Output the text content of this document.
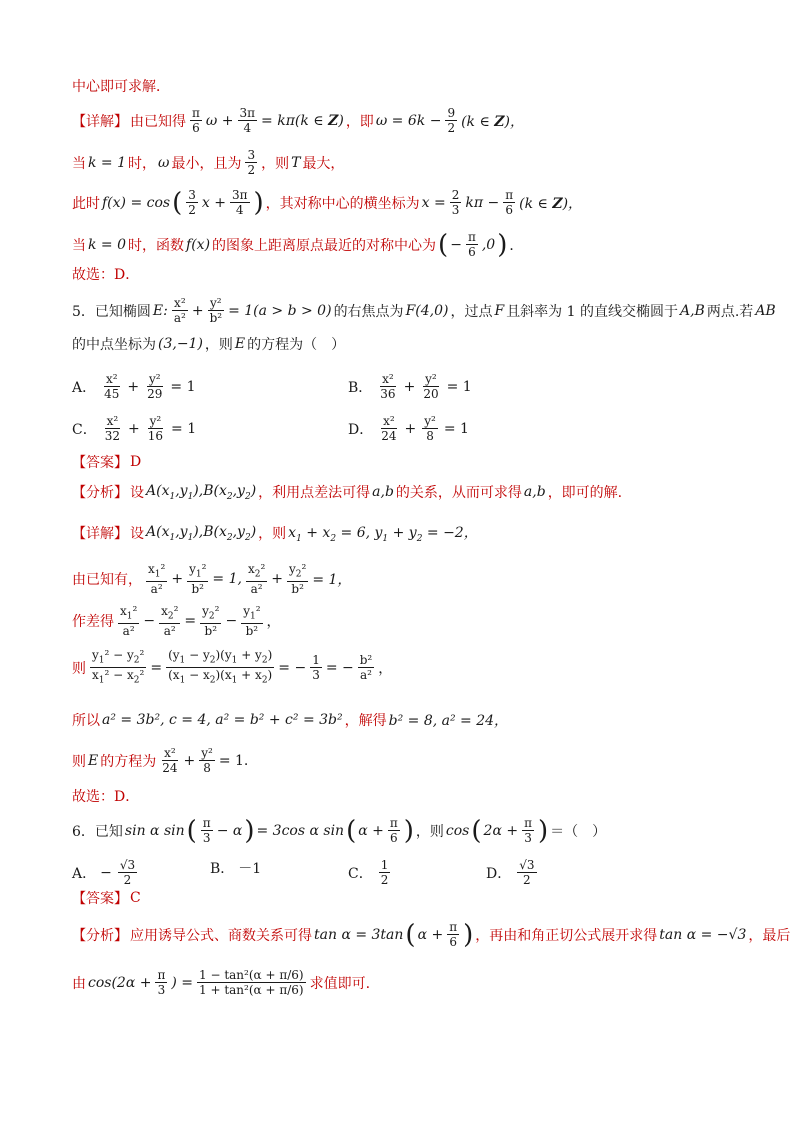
中心即可求解．
【详解】 由已知得 $\frac{\pi}{6}$ $\omega + \frac{3\pi}{4} = k\pi(k$ ∈ Z) ，即 $\omega = 6k - \frac{9}{2} (k$ ∈ Z)，
当 k = 1 时， ω 最小，且为 $\frac{3}{2}$ ，则 T 最大，
此时 f(x) = cos ( $\frac{3}{2}$ $x + \frac{3\pi}{4}$ ) ，其对称中心的横坐标为 $x = \frac{2}{3}$ $k\pi - \frac{\pi}{6} (k$ ∈ Z)，
当 k = 0 时，函数 f(x) 的图象上距离原点最近的对称中心为 ( − $\frac{\pi}{6} ,0$ ) ．
故选：D．
5．已知椭圆 E: $\frac{\text{x²}}{\text{a²}} + \frac{\text{y²}}{\text{b²}} = 1(a > b > 0)$ 的右焦点为 F(4,0) ，过点 F 且斜率为 1 的直线交椭圆于 A,B 两点.若 AB
的中点坐标为 (3,−1) ，则 E 的方程为（　）
A． $\frac{\text{x²}}{45} + \frac{\text{y²}}{29} = 1$	B． $\frac{\text{x²}}{36} + \frac{\text{y²}}{20} = 1$
C． $\frac{\text{x²}}{32} + \frac{\text{y²}}{16} = 1$	D． $\frac{\text{x²}}{24} + \frac{\text{y²}}{8} = 1$
【答案】 D
【分析】 设 $A(x_1,y_1),B(x_2,y_2)$ ，利用点差法可得 a,b 的关系，从而可求得 a,b ，即可的解.
【详解】 设 $A(x_1,y_1),B(x_2,y_2)$ ，则 $x_1 + x_2 = 6$, $y_1 + y_2 = -2$，
由已知有， $\frac{x_1^2}{\text{a²}} + \frac{y_1^2}{\text{b²}} = 1$, $\frac{x_2^2}{\text{a²}} + \frac{y_2^2}{\text{b²}} = 1$，
作差得 $\frac{x_1^2}{\text{a²}} - \frac{x_2^2}{\text{a²}} = \frac{y_2^2}{\text{b²}} - \frac{y_1^2}{\text{b²}}$ ，
则 $\frac{y_1^2 - y_2^2}{x_1^2 - x_2^2} = \frac{(y_1 - y_2)(y_1 + y_2)}{(x_1 - x_2)(x_1 + x_2)}$ = − $\frac{1}{3}$ = − $\frac{\text{b²}}{\text{a²}}$ ，
所以 a² = 3b², c = 4, a² = b² + c² = 3b² ，解得 b² = 8, a² = 24，
则 E 的方程为 $\frac{\text{x²}}{24} + \frac{\text{y²}}{8} = 1$.
故选：D．
6．已知 sin α sin ( $\frac{\pi}{3} - \alpha$ ) = 3cos α sin ( $\alpha + \frac{\pi}{6}$ ) ，则 cos ( $2\alpha + \frac{\pi}{3}$ ) ＝（　）
A． − $\frac{√3}{2}$	B． －1	C． $\frac{1}{2}$	D． $\frac{√3}{2}$
【答案】 C
【分析】 应用诱导公式、商数关系可得 tan α = 3tan ( $\alpha + \frac{\pi}{6}$ ) ，再由和角正切公式展开求得 tan α = −√3 ，最后
由 $\cos(2\alpha + \frac{\pi}{3}$ ) = $\frac{\text{1 − tan²(α + π/6)}}{\text{1 + tan²(α + π/6)}}$ 求值即可.
